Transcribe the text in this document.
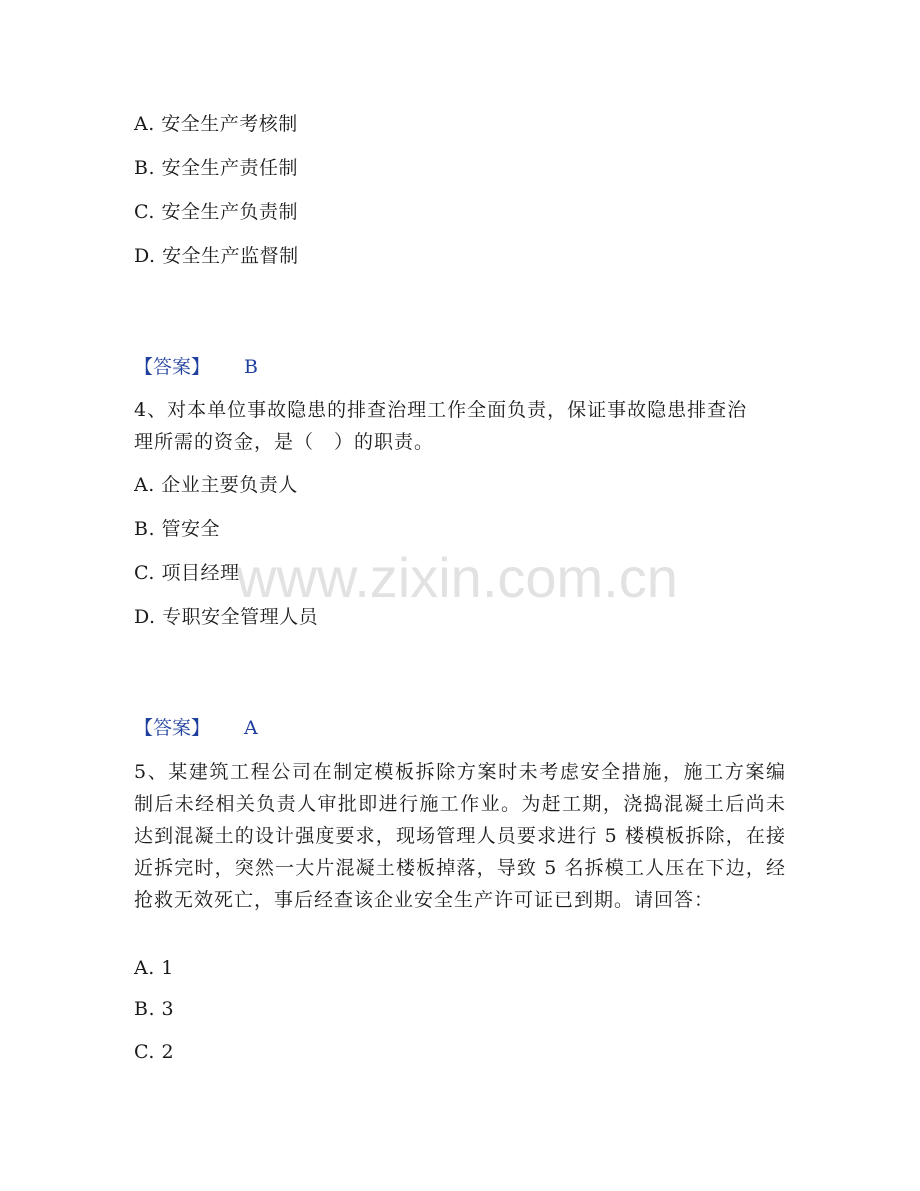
A. 安全生产考核制
B. 安全生产责任制
C. 安全生产负责制
D. 安全生产监督制
【答案】 B
4、对本单位事故隐患的排查治理工作全面负责，保证事故隐患排查治
理所需的资金，是（　）的职责。
A. 企业主要负责人
B. 管安全
C. 项目经理
D. 专职安全管理人员
【答案】 A
5、某建筑工程公司在制定模板拆除方案时未考虑安全措施，施工方案编制后未经相关负责人审批即进行施工作业。为赶工期，浇捣混凝土后尚未达到混凝土的设计强度要求，现场管理人员要求进行 5 楼模板拆除，在接近拆完时，突然一大片混凝土楼板掉落，导致 5 名拆模工人压在下边，经抢救无效死亡，事后经查该企业安全生产许可证已到期。请回答：
A. 1
B. 3
C. 2
www.zixin.com.cn
